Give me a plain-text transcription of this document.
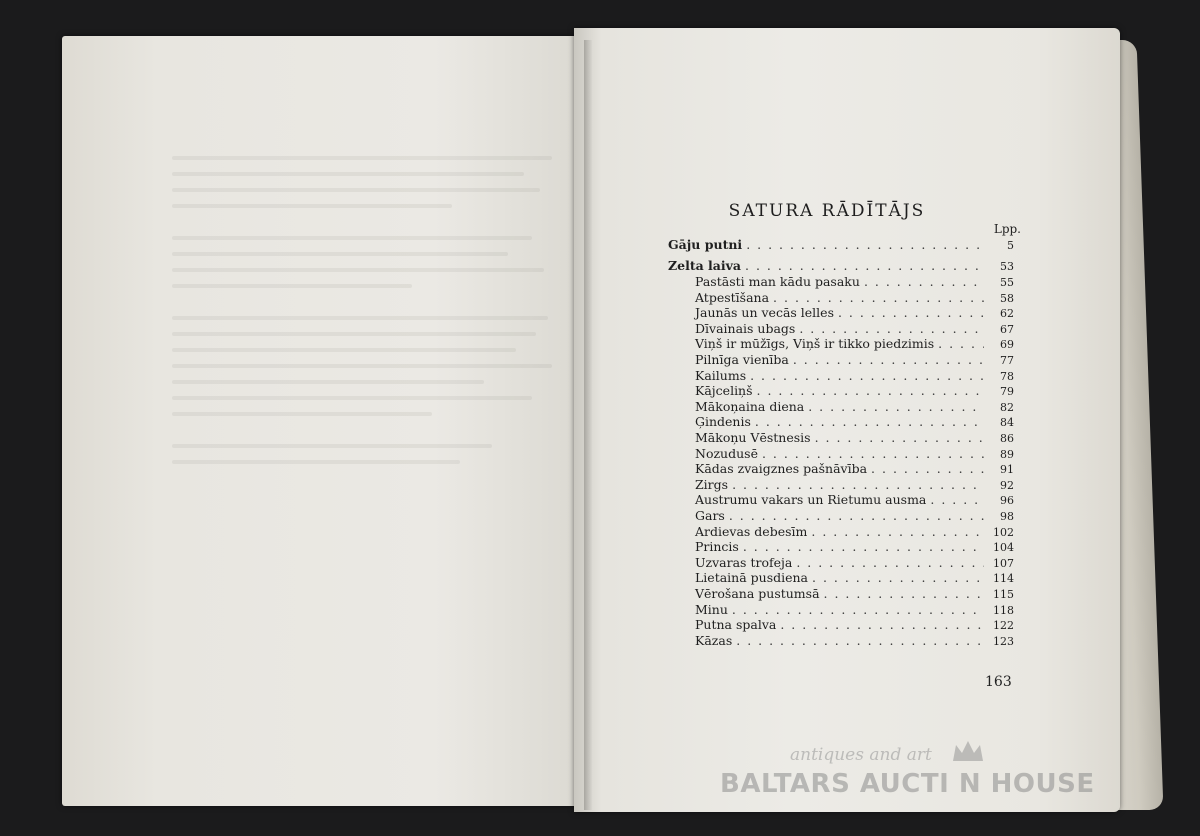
SATURA RĀDĪTĀJS
Lpp.
Gāju putni . . .	5
Zelta laiva . . .	53
Pastāsti man kādu pasaku . . .	55
Atpestīšana . . .	58
Jaunās un vecās lelles . . .	62
Dīvainais ubags . . .	67
Viņš ir mūžīgs, Viņš ir tikko piedzimis . . .	69
Pilnīga vienība . . .	77
Kailums . . .	78
Kājceliņš . . .	79
Mākoņaina diena . . .	82
Ģindenis . . .	84
Mākoņu Vēstnesis . . .	86
Nozudusē . . .	89
Kādas zvaigznes pašnāvība . . .	91
Zirgs . . .	92
Austrumu vakars un Rietumu ausma . . .	96
Gars . . .	98
Ardievas debesīm . . .	102
Princis . . .	104
Uzvaras trofeja . . .	107
Lietainā pusdiena . . .	114
Vērošana pustumsā . . .	115
Minu . . .	118
Putna spalva . . .	122
Kāzas . . .	123
163
antiques and art
BALTARS AUCTI N HOUSE
